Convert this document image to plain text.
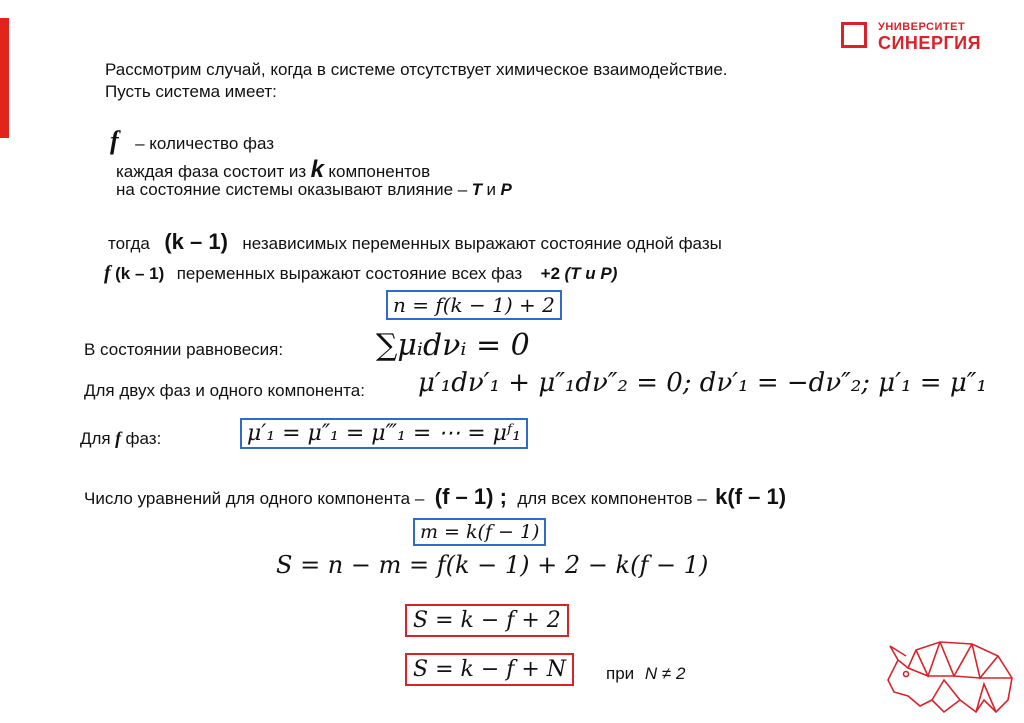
УНИВЕРСИТЕТ
СИНЕРГИЯ
Рассмотрим случай, когда в системе отсутствует химическое взаимодействие.
Пусть система имеет:
f – количество фаз
каждая фаза состоит из k компонентов
на состояние системы оказывают влияние – T и P
тогда (k – 1) независимых переменных выражают состояние одной фазы
f (k – 1) переменных выражают состояние всех фаз +2 (T и P)
n = f(k − 1) + 2
В состоянии равновесия:	∑μᵢdνᵢ = 0
Для двух фаз и одного компонента: μ′₁dν′₁ + μ″₁dν″₂ = 0; dν′₁ = −dν″₂; μ′₁ = μ″₁
Для f фаз:	μ′₁ = μ″₁ = μ‴₁ = ⋯ = μᶠ₁
Число уравнений для одного компонента – (f – 1) ; для всех компонентов – k(f – 1)
m = k(f − 1)
S = n − m = f(k − 1) + 2 − k(f − 1)
S = k − f + 2
S = k − f + N	при N ≠ 2
